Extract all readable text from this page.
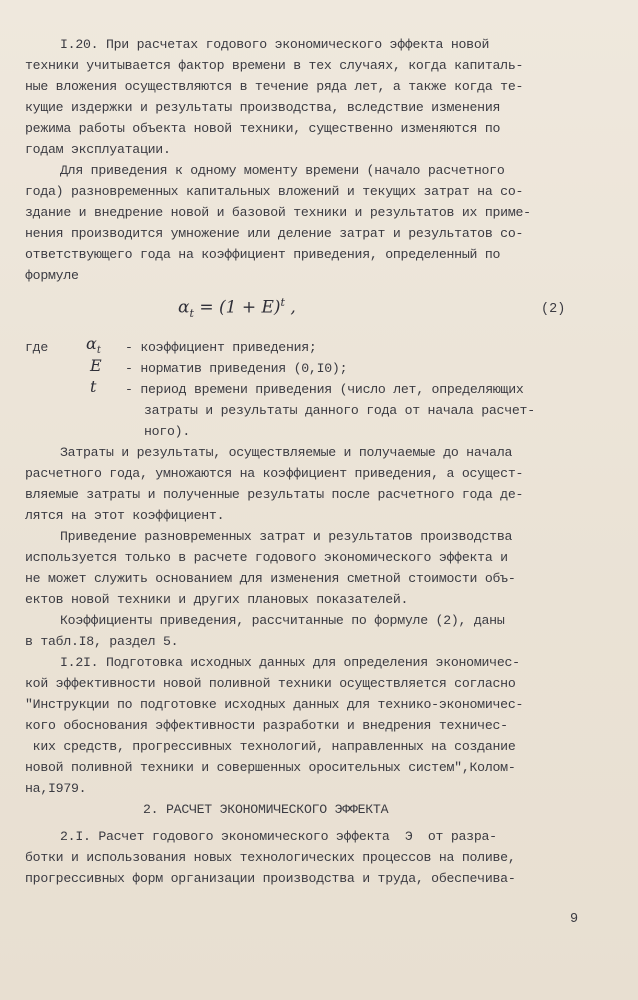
I.20. При расчетах годового экономического эффекта новой
техники учитывается фактор времени в тех случаях, когда капиталь-
ные вложения осуществляются в течение ряда лет, а также когда те-
кущие издержки и результаты производства, вследствие изменения
режима работы объекта новой техники, существенно изменяются по
годам эксплуатации.
Для приведения к одному моменту времени (начало расчетного
года) разновременных капитальных вложений и текущих затрат на со-
здание и внедрение новой и базовой техники и результатов их приме-
нения производится умножение или деление затрат и результатов со-
ответствующего года на коэффициент приведения, определенный по
формуле
$\alpha_t = (1 + E)^t$ ,	(2)
где $\alpha_t$ - коэффициент приведения;
E - норматив приведения (0,I0);
t - период времени приведения (число лет, определяющих
затраты и результаты данного года от начала расчет-
ного).
Затраты и результаты, осуществляемые и получаемые до начала
расчетного года, умножаются на коэффициент приведения, а осущест-
вляемые затраты и полученные результаты после расчетного года де-
лятся на этот коэффициент.
Приведение разновременных затрат и результатов производства
используется только в расчете годового экономического эффекта и
не может служить основанием для изменения сметной стоимости объ-
ектов новой техники и других плановых показателей.
Коэффициенты приведения, рассчитанные по формуле (2), даны
в табл.I8, раздел 5.
I.2I. Подготовка исходных данных для определения экономичес-
кой эффективности новой поливной техники осуществляется согласно
"Инструкции по подготовке исходных данных для технико-экономичес-
кого обоснования эффективности разработки и внедрения техничес-
ких средств, прогрессивных технологий, направленных на создание
новой поливной техники и совершенных оросительных систем",Колом-
на,I979.
2. РАСЧЕТ ЭКОНОМИЧЕСКОГО ЭФФЕКТА
2.I. Расчет годового экономического эффекта  Э  от разра-
ботки и использования новых технологических процессов на поливе,
прогрессивных форм организации производства и труда, обеспечива-
9
